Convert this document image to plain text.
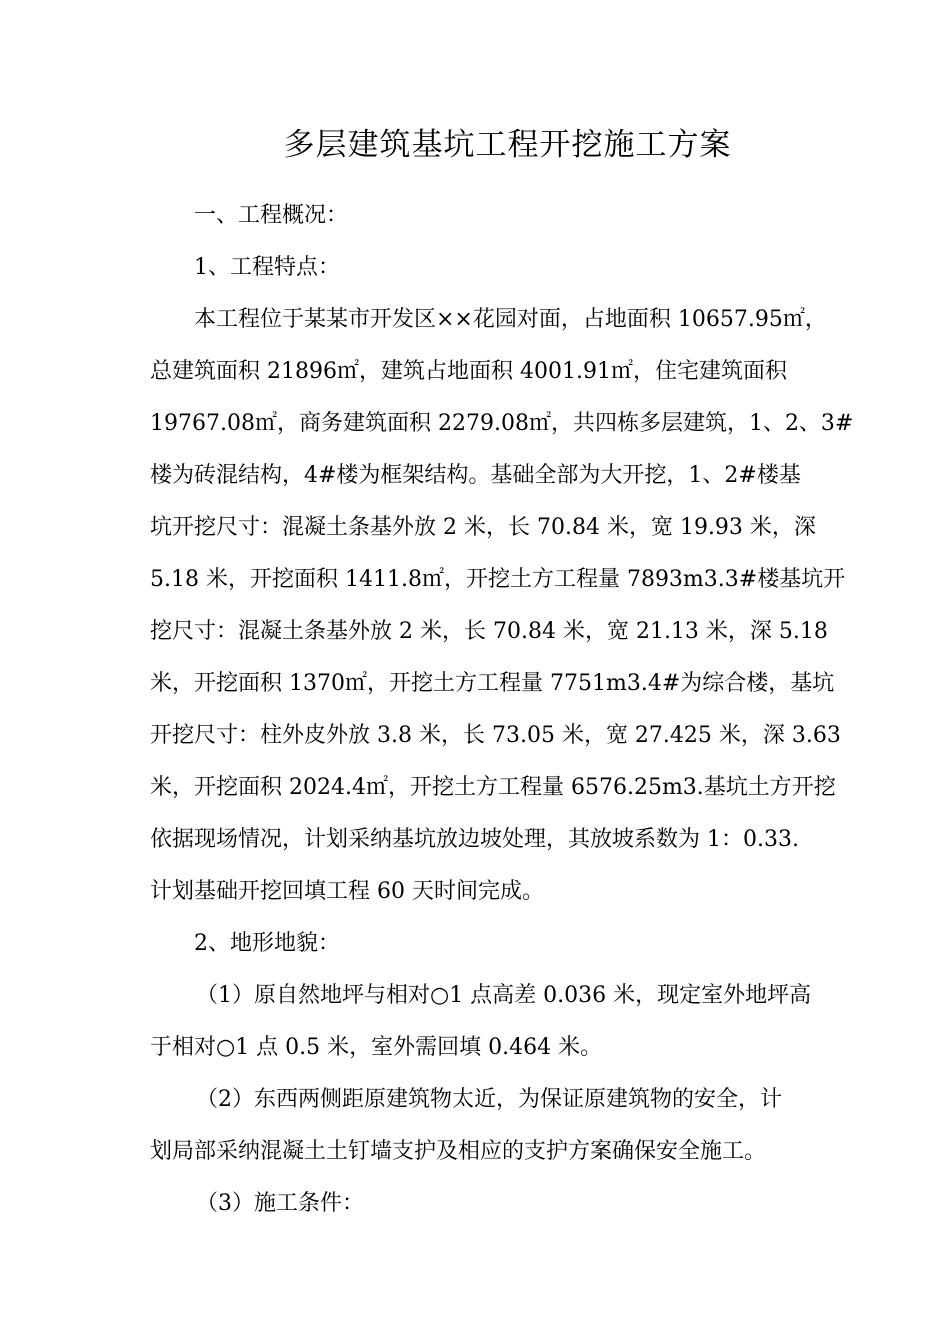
多层建筑基坑工程开挖施工方案
一、工程概况：
1、工程特点：
本工程位于某某市开发区××花园对面，占地面积 10657.95㎡，
总建筑面积 21896㎡，建筑占地面积 4001.91㎡，住宅建筑面积
19767.08㎡，商务建筑面积 2279.08㎡，共四栋多层建筑，1、2、3#
楼为砖混结构，4#楼为框架结构。基础全部为大开挖，1、2#楼基
坑开挖尺寸：混凝土条基外放 2 米，长 70.84 米，宽 19.93 米，深
5.18 米，开挖面积 1411.8㎡，开挖土方工程量 7893m3.3#楼基坑开
挖尺寸：混凝土条基外放 2 米，长 70.84 米，宽 21.13 米，深 5.18
米，开挖面积 1370㎡，开挖土方工程量 7751m3.4#为综合楼，基坑
开挖尺寸：柱外皮外放 3.8 米，长 73.05 米，宽 27.425 米，深 3.63
米，开挖面积 2024.4㎡，开挖土方工程量 6576.25m3.基坑土方开挖
依据现场情况，计划采纳基坑放边坡处理，其放坡系数为 1：0.33.
计划基础开挖回填工程 60 天时间完成。
2、地形地貌：
（1）原自然地坪与相对○1 点高差 0.036 米，现定室外地坪高
于相对○1 点 0.5 米，室外需回填 0.464 米。
（2）东西两侧距原建筑物太近，为保证原建筑物的安全，计
划局部采纳混凝土土钉墙支护及相应的支护方案确保安全施工。
（3）施工条件：
